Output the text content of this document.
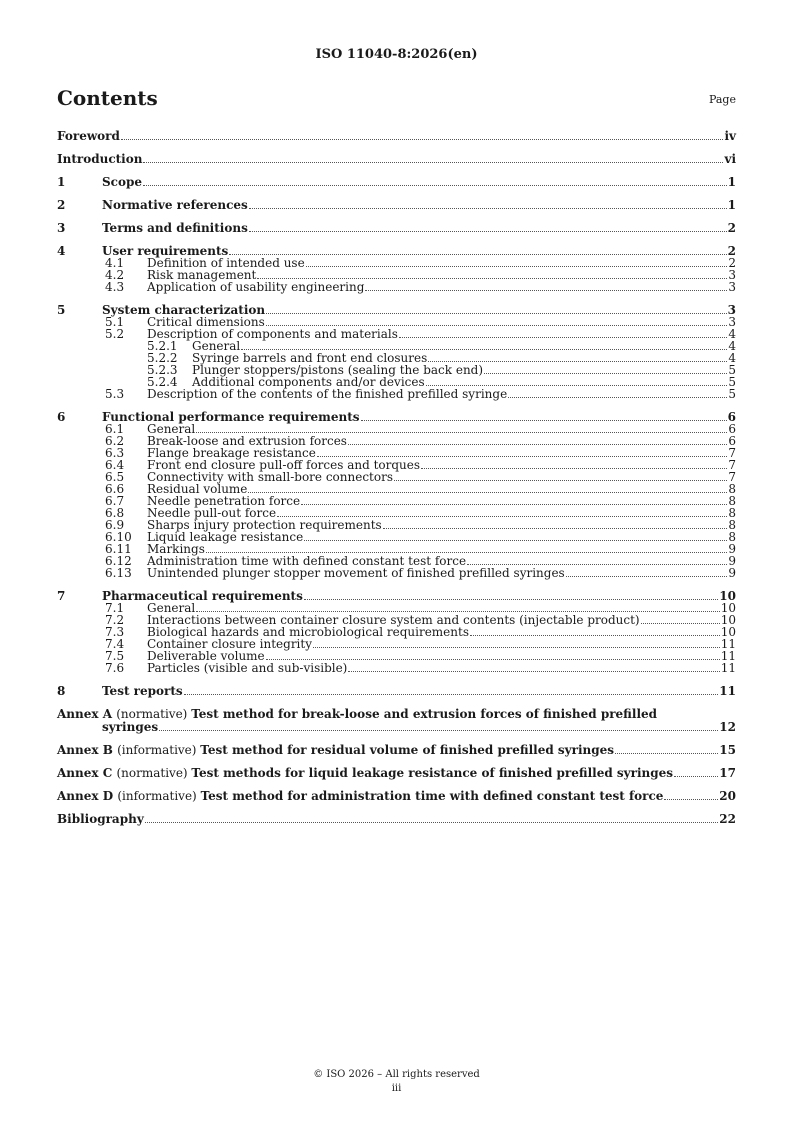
ISO 11040-8:2026(en)
Contents	Page
Foreword	iv
Introduction	vi
1	Scope	1
2	Normative references	1
3	Terms and definitions	2
4	User requirements	2
4.1	Definition of intended use	2
4.2	Risk management	3
4.3	Application of usability engineering	3
5	System characterization	3
5.1	Critical dimensions	3
5.2	Description of components and materials	4
5.2.1	General	4
5.2.2	Syringe barrels and front end closures	4
5.2.3	Plunger stoppers/pistons (sealing the back end)	5
5.2.4	Additional components and/or devices	5
5.3	Description of the contents of the finished prefilled syringe	5
6	Functional performance requirements	6
6.1	General	6
6.2	Break-loose and extrusion forces	6
6.3	Flange breakage resistance	7
6.4	Front end closure pull-off forces and torques	7
6.5	Connectivity with small-bore connectors	7
6.6	Residual volume	8
6.7	Needle penetration force	8
6.8	Needle pull-out force	8
6.9	Sharps injury protection requirements	8
6.10	Liquid leakage resistance	8
6.11	Markings	9
6.12	Administration time with defined constant test force	9
6.13	Unintended plunger stopper movement of finished prefilled syringes	9
7	Pharmaceutical requirements	10
7.1	General	10
7.2	Interactions between container closure system and contents (injectable product)	10
7.3	Biological hazards and microbiological requirements	10
7.4	Container closure integrity	11
7.5	Deliverable volume	11
7.6	Particles (visible and sub-visible)	11
8	Test reports	11
Annex A (normative) Test method for break-loose and extrusion forces of finished prefilled
syringes	12
Annex B (informative) Test method for residual volume of finished prefilled syringes	15
Annex C (normative) Test methods for liquid leakage resistance of finished prefilled syringes	17
Annex D (informative) Test method for administration time with defined constant test force	20
Bibliography	22
© ISO 2026 – All rights reserved
iii
